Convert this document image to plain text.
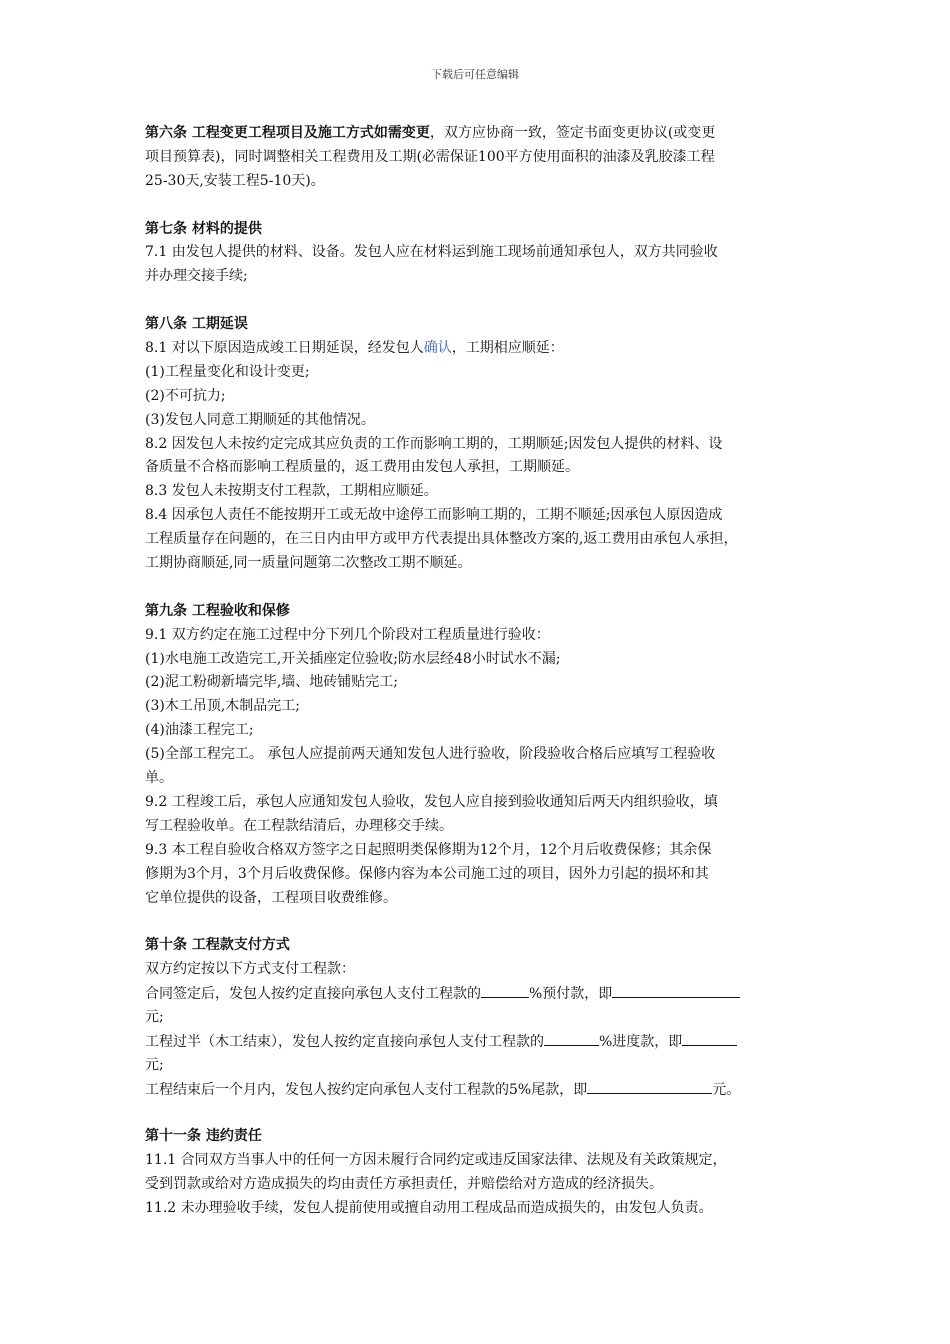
下载后可任意编辑
第六条 工程变更工程项目及施工方式如需变更，双方应协商一致，签定书面变更协议(或变更
项目预算表)，同时调整相关工程费用及工期(必需保证100平方使用面积的油漆及乳胶漆工程
25-30天,安装工程5-10天)。
第七条 材料的提供
7.1 由发包人提供的材料、设备。发包人应在材料运到施工现场前通知承包人，双方共同验收
并办理交接手续;
第八条 工期延误
8.1 对以下原因造成竣工日期延误，经发包人确认，工期相应顺延：
(1)工程量变化和设计变更;
(2)不可抗力;
(3)发包人同意工期顺延的其他情况。
8.2 因发包人未按约定完成其应负责的工作而影响工期的，工期顺延;因发包人提供的材料、设
备质量不合格而影响工程质量的，返工费用由发包人承担，工期顺延。
8.3 发包人未按期支付工程款，工期相应顺延。
8.4 因承包人责任不能按期开工或无故中途停工而影响工期的，工期不顺延;因承包人原因造成
工程质量存在问题的，在三日内由甲方或甲方代表提出具体整改方案的,返工费用由承包人承担，
工期协商顺延,同一质量问题第二次整改工期不顺延。
第九条 工程验收和保修
9.1 双方约定在施工过程中分下列几个阶段对工程质量进行验收：
(1)水电施工改造完工,开关插座定位验收;防水层经48小时试水不漏;
(2)泥工粉砌新墙完毕,墙、地砖铺贴完工;
(3)木工吊顶,木制品完工;
(4)油漆工程完工;
(5)全部工程完工。 承包人应提前两天通知发包人进行验收，阶段验收合格后应填写工程验收
单。
9.2 工程竣工后，承包人应通知发包人验收，发包人应自接到验收通知后两天内组织验收，填
写工程验收单。在工程款结清后，办理移交手续。
9.3 本工程自验收合格双方签字之日起照明类保修期为12个月，12个月后收费保修；其余保
修期为3个月，3个月后收费保修。保修内容为本公司施工过的项目，因外力引起的损坏和其
它单位提供的设备，工程项目收费维修。
第十条 工程款支付方式
双方约定按以下方式支付工程款：
合同签定后，发包人按约定直接向承包人支付工程款的	%预付款，即
元;
工程过半（木工结束），发包人按约定直接向承包人支付工程款的	%进度款，即
元;
工程结束后一个月内，发包人按约定向承包人支付工程款的5%尾款，即	元。
第十一条 违约责任
11.1 合同双方当事人中的任何一方因未履行合同约定或违反国家法律、法规及有关政策规定，
受到罚款或给对方造成损失的均由责任方承担责任，并赔偿给对方造成的经济损失。
11.2 未办理验收手续，发包人提前使用或擅自动用工程成品而造成损失的，由发包人负责。
